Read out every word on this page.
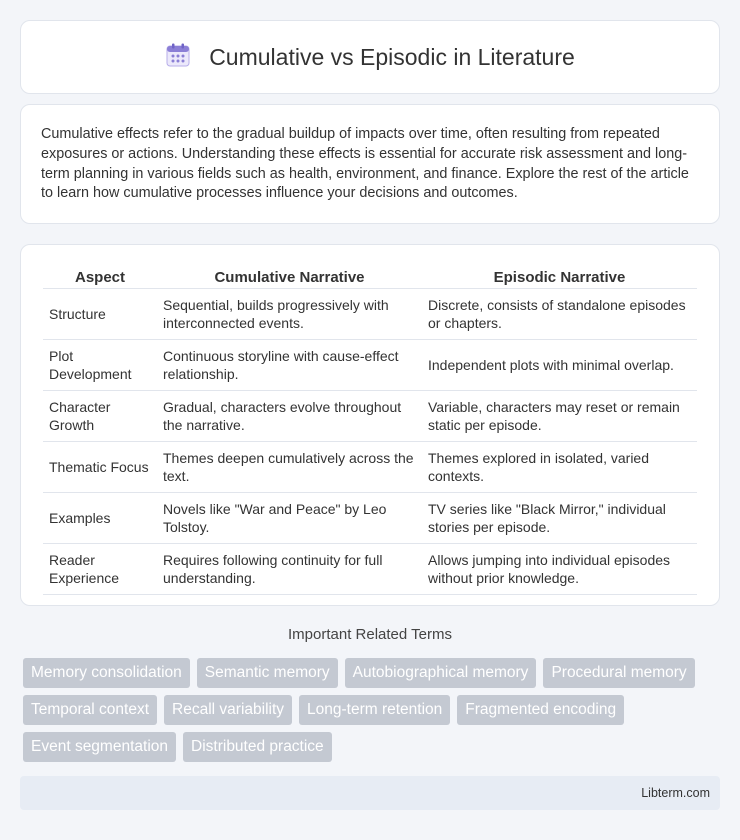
Cumulative vs Episodic in Literature

Cumulative effects refer to the gradual buildup of impacts over time, often resulting from repeated exposures or actions. Understanding these effects is essential for accurate risk assessment and long-term planning in various fields such as health, environment, and finance. Explore the rest of the article to learn how cumulative processes influence your decisions and outcomes.

Aspect	Cumulative Narrative	Episodic Narrative
Structure	Sequential, builds progressively with interconnected events.	Discrete, consists of standalone episodes or chapters.
Plot Development	Continuous storyline with cause-effect relationship.	Independent plots with minimal overlap.
Character Growth	Gradual, characters evolve throughout the narrative.	Variable, characters may reset or remain static per episode.
Thematic Focus	Themes deepen cumulatively across the text.	Themes explored in isolated, varied contexts.
Examples	Novels like "War and Peace" by Leo Tolstoy.	TV series like "Black Mirror," individual stories per episode.
Reader Experience	Requires following continuity for full understanding.	Allows jumping into individual episodes without prior knowledge.
Important Related Terms
Memory consolidation	Semantic memory	Autobiographical memory	Procedural memory
Temporal context	Recall variability	Long-term retention	Fragmented encoding
Event segmentation	Distributed practice
Libterm.com
